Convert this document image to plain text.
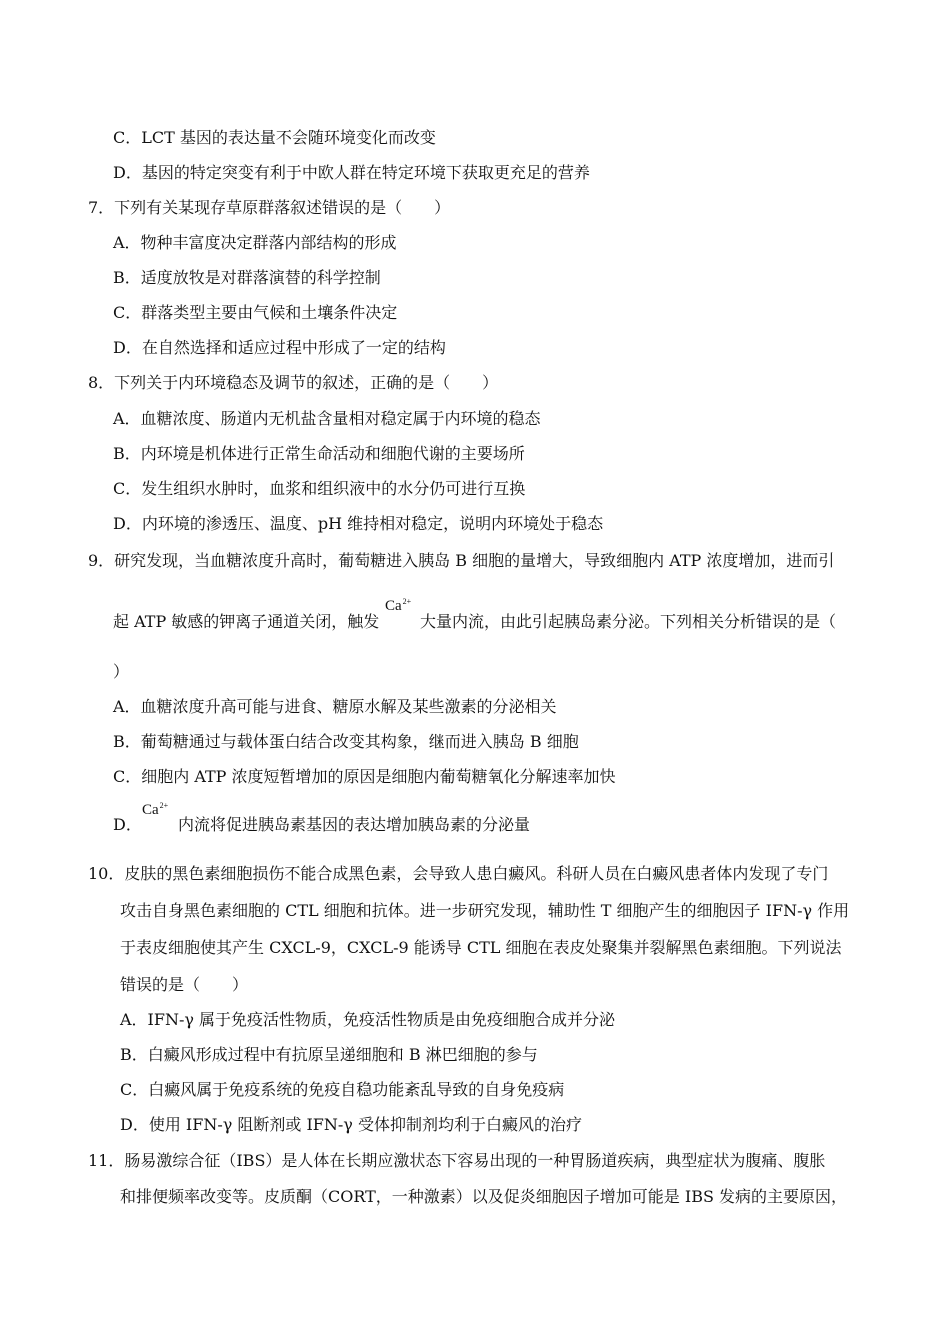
C．LCT 基因的表达量不会随环境变化而改变
D．基因的特定突变有利于中欧人群在特定环境下获取更充足的营养
7．下列有关某现存草原群落叙述错误的是（　　）
A．物种丰富度决定群落内部结构的形成
B．适度放牧是对群落演替的科学控制
C．群落类型主要由气候和土壤条件决定
D．在自然选择和适应过程中形成了一定的结构
8．下列关于内环境稳态及调节的叙述，正确的是（　　）
A．血糖浓度、肠道内无机盐含量相对稳定属于内环境的稳态
B．内环境是机体进行正常生命活动和细胞代谢的主要场所
C．发生组织水肿时，血浆和组织液中的水分仍可进行互换
D．内环境的渗透压、温度、pH 维持相对稳定，说明内环境处于稳态
9．研究发现，当血糖浓度升高时，葡萄糖进入胰岛 B 细胞的量增大，导致细胞内 ATP 浓度增加，进而引
起 ATP 敏感的钾离子通道关闭，触发
$Ca^{2+}$
大量内流，由此引起胰岛素分泌。下列相关分析错误的是（
）
A．血糖浓度升高可能与进食、糖原水解及某些激素的分泌相关
B．葡萄糖通过与载体蛋白结合改变其构象，继而进入胰岛 B 细胞
C．细胞内 ATP 浓度短暂增加的原因是细胞内葡萄糖氧化分解速率加快
D．
$Ca^{2+}$
内流将促进胰岛素基因的表达增加胰岛素的分泌量
10．皮肤的黑色素细胞损伤不能合成黑色素，会导致人患白癜风。科研人员在白癜风患者体内发现了专门
攻击自身黑色素细胞的 CTL 细胞和抗体。进一步研究发现，辅助性 T 细胞产生的细胞因子 IFN-γ 作用
于表皮细胞使其产生 CXCL-9，CXCL-9 能诱导 CTL 细胞在表皮处聚集并裂解黑色素细胞。下列说法
错误的是（　　）
A．IFN-γ 属于免疫活性物质，免疫活性物质是由免疫细胞合成并分泌
B．白癜风形成过程中有抗原呈递细胞和 B 淋巴细胞的参与
C．白癜风属于免疫系统的免疫自稳功能紊乱导致的自身免疫病
D．使用 IFN-γ 阻断剂或 IFN-γ 受体抑制剂均利于白癜风的治疗
11．肠易激综合征（IBS）是人体在长期应激状态下容易出现的一种胃肠道疾病，典型症状为腹痛、腹胀
和排便频率改变等。皮质酮（CORT，一种激素）以及促炎细胞因子增加可能是 IBS 发病的主要原因，
